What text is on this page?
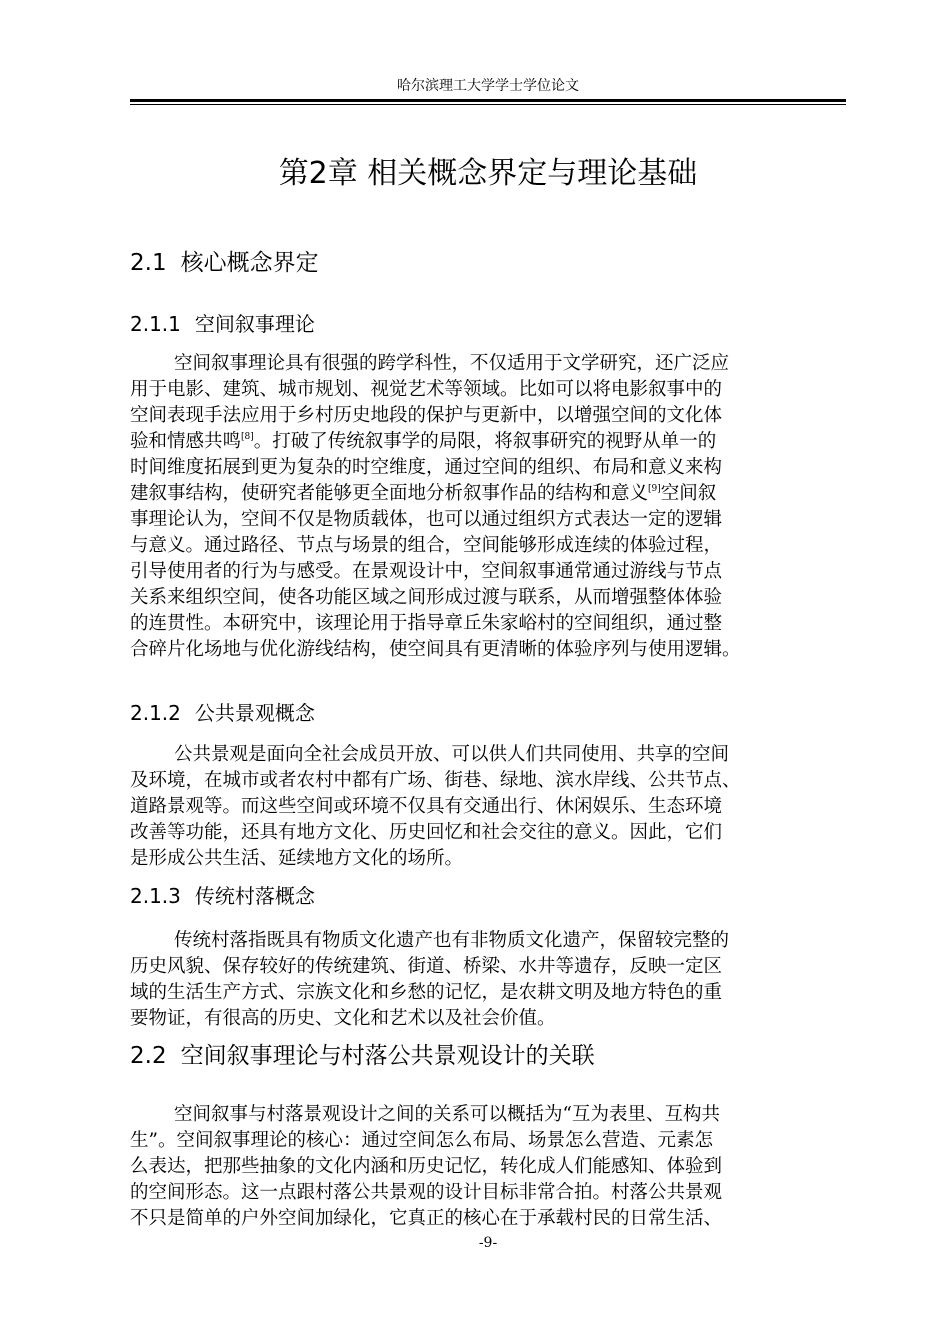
哈尔滨理工大学学士学位论文
第2章 相关概念界定与理论基础
2.1 核心概念界定
2.1.1 空间叙事理论
空间叙事理论具有很强的跨学科性，不仅适用于文学研究，还广泛应
用于电影、建筑、城市规划、视觉艺术等领域。比如可以将电影叙事中的
空间表现手法应用于乡村历史地段的保护与更新中，以增强空间的文化体
验和情感共鸣[8]。打破了传统叙事学的局限，将叙事研究的视野从单一的
时间维度拓展到更为复杂的时空维度，通过空间的组织、布局和意义来构
建叙事结构，使研究者能够更全面地分析叙事作品的结构和意义[9]空间叙
事理论认为，空间不仅是物质载体，也可以通过组织方式表达一定的逻辑
与意义。通过路径、节点与场景的组合，空间能够形成连续的体验过程，
引导使用者的行为与感受。在景观设计中，空间叙事通常通过游线与节点
关系来组织空间，使各功能区域之间形成过渡与联系，从而增强整体体验
的连贯性。本研究中，该理论用于指导章丘朱家峪村的空间组织，通过整
合碎片化场地与优化游线结构，使空间具有更清晰的体验序列与使用逻辑。
2.1.2 公共景观概念
公共景观是面向全社会成员开放、可以供人们共同使用、共享的空间
及环境，在城市或者农村中都有广场、街巷、绿地、滨水岸线、公共节点、
道路景观等。而这些空间或环境不仅具有交通出行、休闲娱乐、生态环境
改善等功能，还具有地方文化、历史回忆和社会交往的意义。因此，它们
是形成公共生活、延续地方文化的场所。
2.1.3 传统村落概念
传统村落指既具有物质文化遗产也有非物质文化遗产，保留较完整的
历史风貌、保存较好的传统建筑、街道、桥梁、水井等遗存，反映一定区
域的生活生产方式、宗族文化和乡愁的记忆，是农耕文明及地方特色的重
要物证，有很高的历史、文化和艺术以及社会价值。
2.2 空间叙事理论与村落公共景观设计的关联
空间叙事与村落景观设计之间的关系可以概括为“互为表里、互构共
生”。空间叙事理论的核心：通过空间怎么布局、场景怎么营造、元素怎
么表达，把那些抽象的文化内涵和历史记忆，转化成人们能感知、体验到
的空间形态。这一点跟村落公共景观的设计目标非常合拍。村落公共景观
不只是简单的户外空间加绿化，它真正的核心在于承载村民的日常生活、
-9-
